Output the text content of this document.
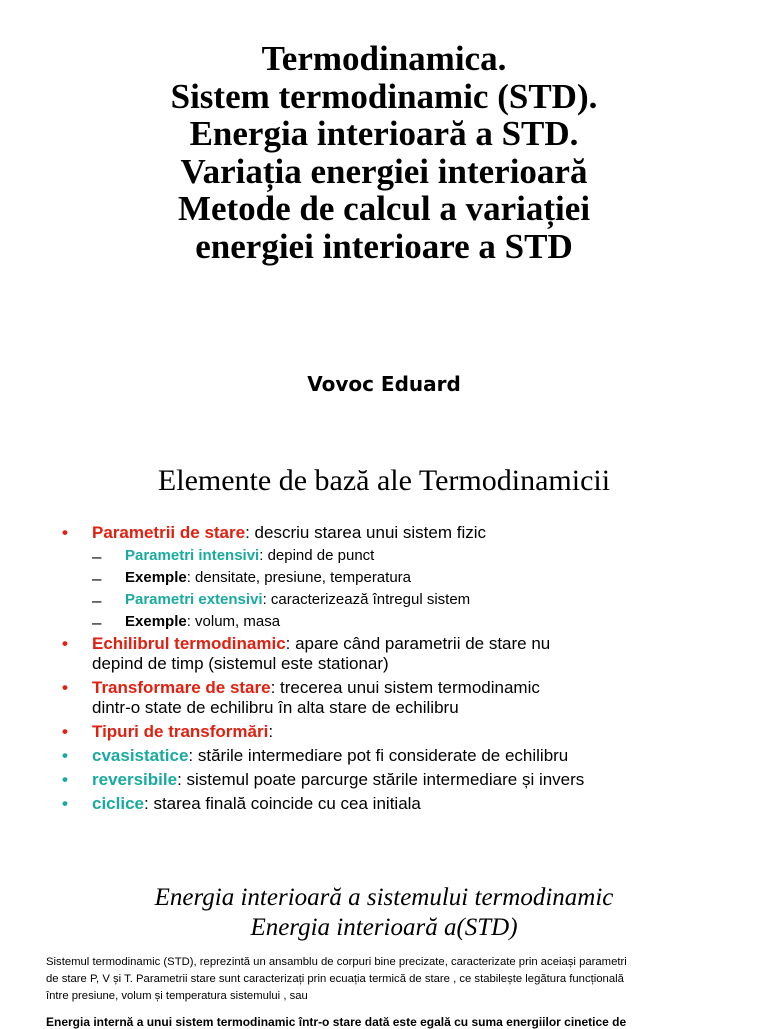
Termodinamica.
Sistem termodinamic (STD).
Energia interioară a STD.
Variația energiei interioară
Metode de calcul a variației
energiei interioare a STD
Vovoc Eduard
Elemente de bază ale Termodinamicii
•	Parametrii de stare: descriu starea unui sistem fizic
–	Parametri intensivi: depind de punct
–	Exemple: densitate, presiune, temperatura
–	Parametri extensivi: caracterizează întregul sistem
–	Exemple: volum, masa
•	Echilibrul termodinamic: apare când parametrii de stare nu
depind de timp (sistemul este stationar)
•	Transformare de stare: trecerea unui sistem termodinamic
dintr-o state de echilibru în alta stare de echilibru
•	Tipuri de transformări:
•	cvasistatice: stările intermediare pot fi considerate de echilibru
•	reversibile: sistemul poate parcurge stările intermediare și invers
•	ciclice: starea finală coincide cu cea initiala
Energia interioară a sistemului termodinamic
Energia interioară a(STD)
Sistemul termodinamic (STD), reprezintă un ansamblu de corpuri bine precizate, caracterizate prin aceiași parametri
de stare P, V și T. Parametrii stare sunt caracterizați prin ecuația termică de stare , ce stabilește legătura funcțională
între presiune, volum și temperatura sistemului , sau
Energia internă a unui sistem termodinamic într-o stare dată este egală cu suma energiilor cinetice de
